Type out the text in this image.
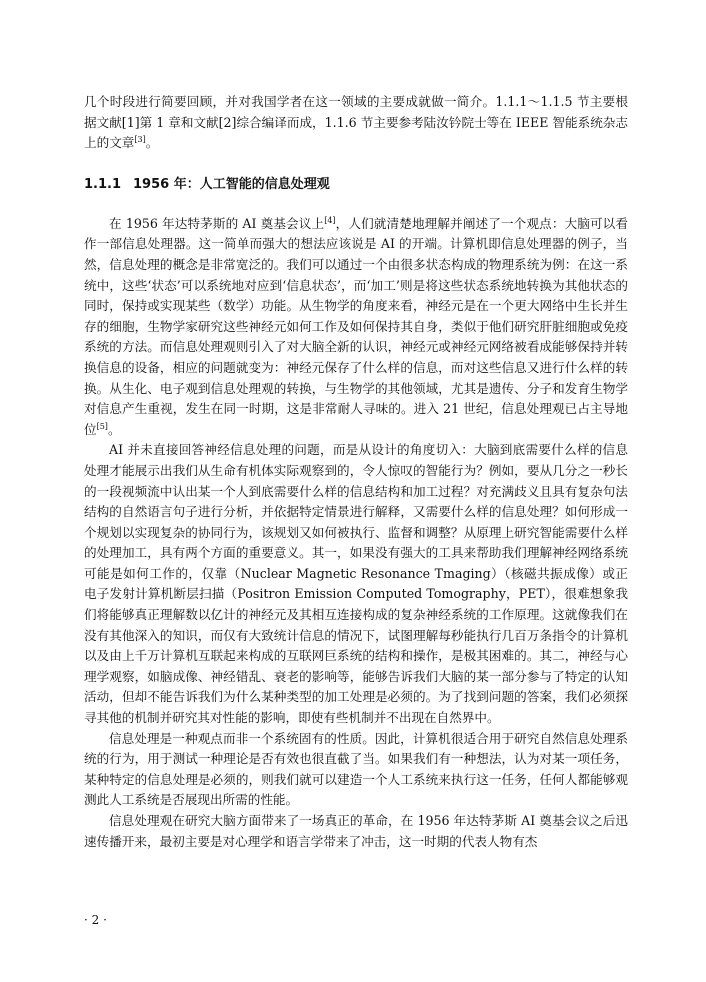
几个时段进行简要回顾，并对我国学者在这一领域的主要成就做一简介。1.1.1～1.1.5 节主要根据文献[1]第 1 章和文献[2]综合编译而成，1.1.6 节主要参考陆汝钤院士等在 IEEE 智能系统杂志上的文章[3]。

1.1.1 1956 年：人工智能的信息处理观

在 1956 年达特茅斯的 AI 奠基会议上[4]，人们就清楚地理解并阐述了一个观点：大脑可以看作一部信息处理器。这一简单而强大的想法应该说是 AI 的开端。计算机即信息处理器的例子，当然，信息处理的概念是非常宽泛的。我们可以通过一个由很多状态构成的物理系统为例：在这一系统中，这些‘状态’可以系统地对应到‘信息状态’，而‘加工’则是将这些状态系统地转换为其他状态的同时，保持或实现某些（数学）功能。从生物学的角度来看，神经元是在一个更大网络中生长并生存的细胞，生物学家研究这些神经元如何工作及如何保持其自身，类似于他们研究肝脏细胞或免疫系统的方法。而信息处理观则引入了对大脑全新的认识，神经元或神经元网络被看成能够保持并转换信息的设备，相应的问题就变为：神经元保存了什么样的信息，而对这些信息又进行什么样的转换。从生化、电子观到信息处理观的转换，与生物学的其他领域，尤其是遗传、分子和发育生物学对信息产生重视，发生在同一时期，这是非常耐人寻味的。进入 21 世纪，信息处理观已占主导地位[5]。

AI 并未直接回答神经信息处理的问题，而是从设计的角度切入：大脑到底需要什么样的信息处理才能展示出我们从生命有机体实际观察到的，令人惊叹的智能行为？例如，要从几分之一秒长的一段视频流中认出某一个人到底需要什么样的信息结构和加工过程？对充满歧义且具有复杂句法结构的自然语言句子进行分析，并依据特定情景进行解释，又需要什么样的信息处理？如何形成一个规划以实现复杂的协同行为，该规划又如何被执行、监督和调整？从原理上研究智能需要什么样的处理加工，具有两个方面的重要意义。其一，如果没有强大的工具来帮助我们理解神经网络系统可能是如何工作的，仅靠（Nuclear Magnetic Resonance Tmaging）（核磁共振成像）或正电子发射计算机断层扫描（Positron Emission Computed Tomography，PET），很难想象我们将能够真正理解数以亿计的神经元及其相互连接构成的复杂神经系统的工作原理。这就像我们在没有其他深入的知识，而仅有大致统计信息的情况下，试图理解每秒能执行几百万条指令的计算机以及由上千万计算机互联起来构成的互联网巨系统的结构和操作，是极其困难的。其二，神经与心理学观察，如脑成像、神经错乱、衰老的影响等，能够告诉我们大脑的某一部分参与了特定的认知活动，但却不能告诉我们为什么某种类型的加工处理是必须的。为了找到问题的答案，我们必须探寻其他的机制并研究其对性能的影响，即使有些机制并不出现在自然界中。

信息处理是一种观点而非一个系统固有的性质。因此，计算机很适合用于研究自然信息处理系统的行为，用于测试一种理论是否有效也很直截了当。如果我们有一种想法，认为对某一项任务，某种特定的信息处理是必须的，则我们就可以建造一个人工系统来执行这一任务，任何人都能够观测此人工系统是否展现出所需的性能。

信息处理观在研究大脑方面带来了一场真正的革命，在 1956 年达特茅斯 AI 奠基会议之后迅速传播开来，最初主要是对心理学和语言学带来了冲击，这一时期的代表人物有杰

· 2 ·
